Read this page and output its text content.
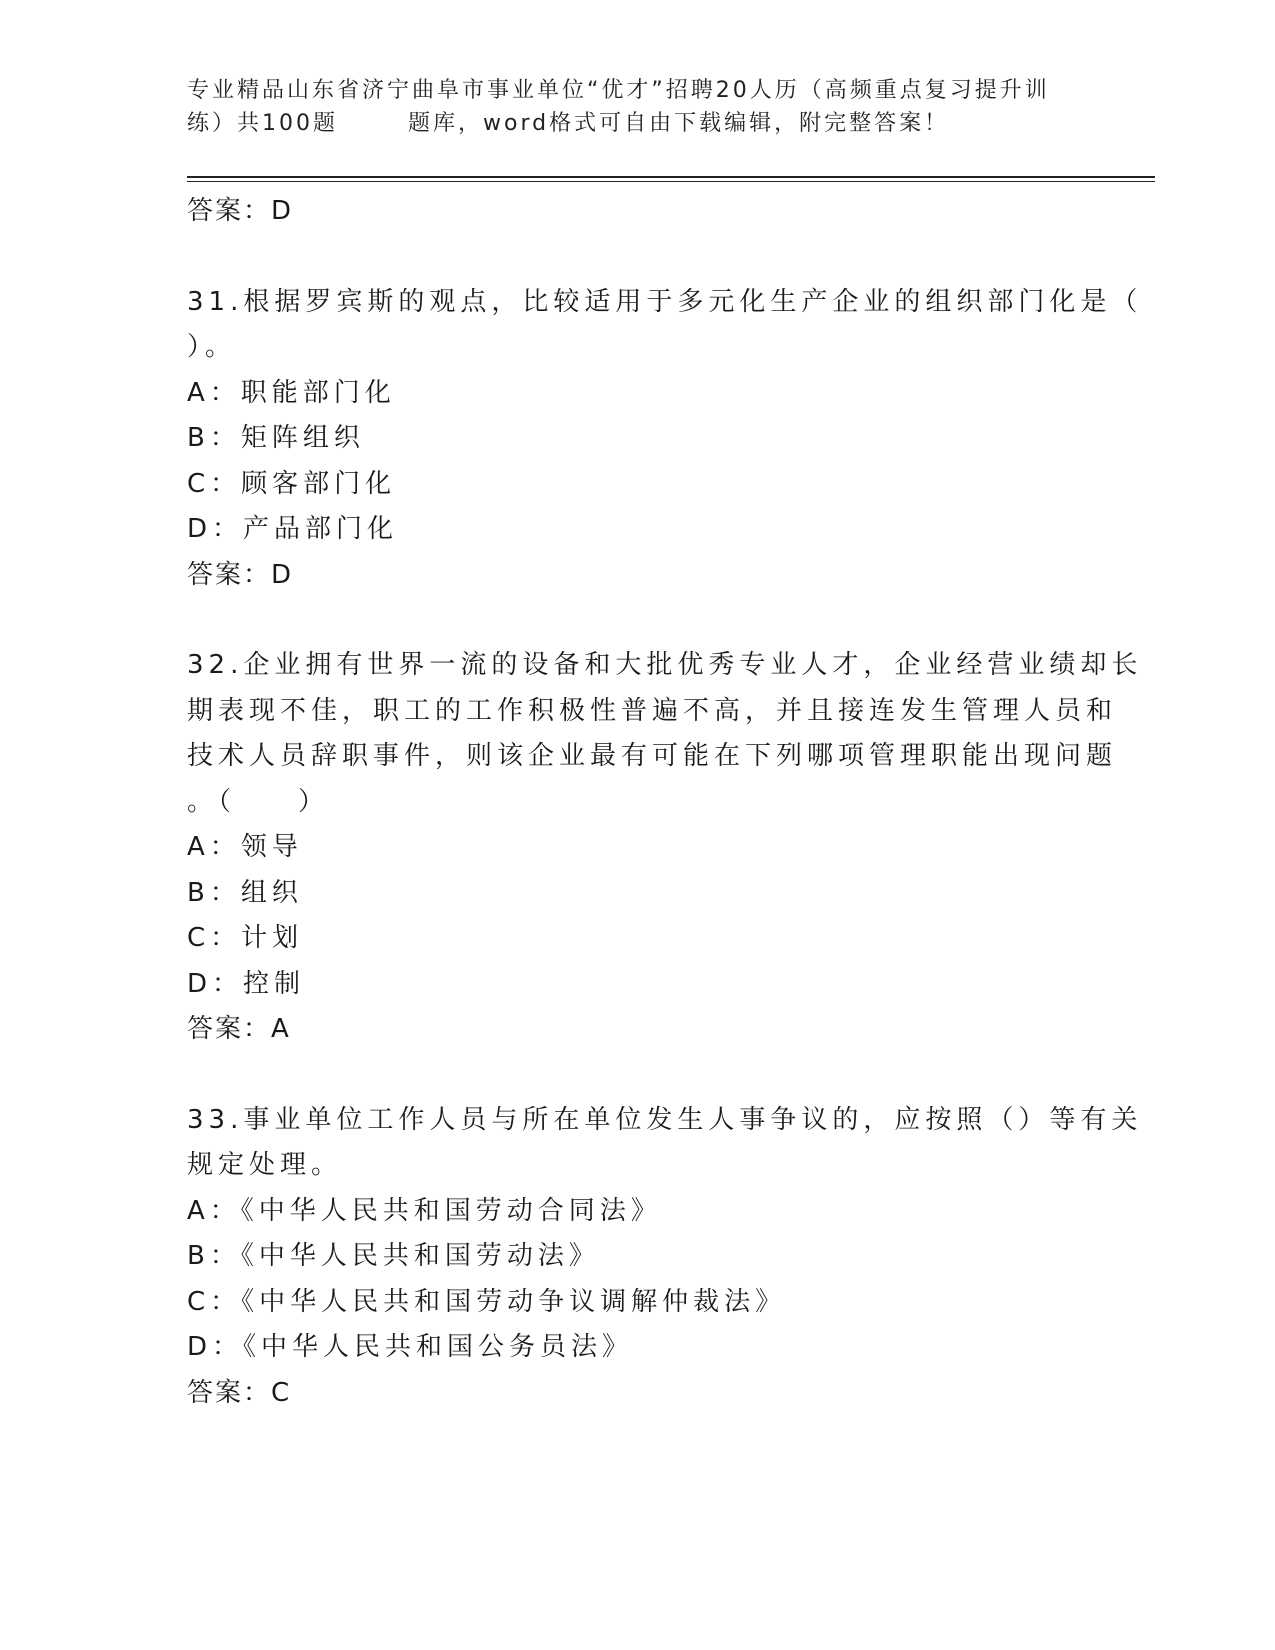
专业精品山东省济宁曲阜市事业单位“优才”招聘20人历（高频重点复习提升训
练）共100题	题库，word格式可自由下载编辑，附完整答案！
答案：D
31.根据罗宾斯的观点，比较适用于多元化生产企业的组织部门化是（
）。
A：职能部门化
B：矩阵组织
C：顾客部门化
D：产品部门化
答案：D
32.企业拥有世界一流的设备和大批优秀专业人才，企业经营业绩却长
期表现不佳，职工的工作积极性普遍不高，并且接连发生管理人员和
技术人员辞职事件，则该企业最有可能在下列哪项管理职能出现问题
。（　　）
A：领导
B：组织
C：计划
D：控制
答案：A
33.事业单位工作人员与所在单位发生人事争议的，应按照（）等有关
规定处理。
A：《中华人民共和国劳动合同法》
B：《中华人民共和国劳动法》
C：《中华人民共和国劳动争议调解仲裁法》
D：《中华人民共和国公务员法》
答案：C
